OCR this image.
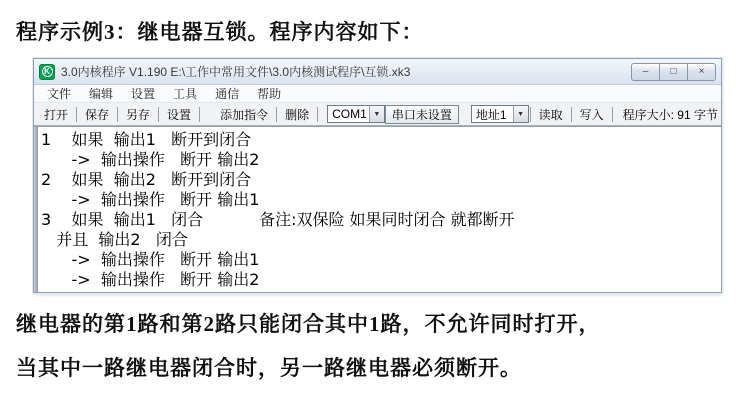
程序示例3：继电器互锁。程序内容如下：
K 3.0内核程序 V1.190 E:\工作中常用文件\3.0内核测试程序\互锁.xk3	–	□	×
文件	编辑	设置	工具	通信	帮助
打开	保存	另存	设置	添加指令	删除	COM1 ▼ 串口未设置	地址1	▼	读取	写入	程序大小: 91 字节
1    如果  输出1   断开到闭合
->  输出操作   断开 输出2
2    如果  输出2   断开到闭合
->  输出操作   断开 输出1
3    如果  输出1   闭合           备注:双保险 如果同时闭合 就都断开
并且  输出2   闭合
->  输出操作   断开 输出1
->  输出操作   断开 输出2
继电器的第1路和第2路只能闭合其中1路，不允许同时打开，
当其中一路继电器闭合时，另一路继电器必须断开。
